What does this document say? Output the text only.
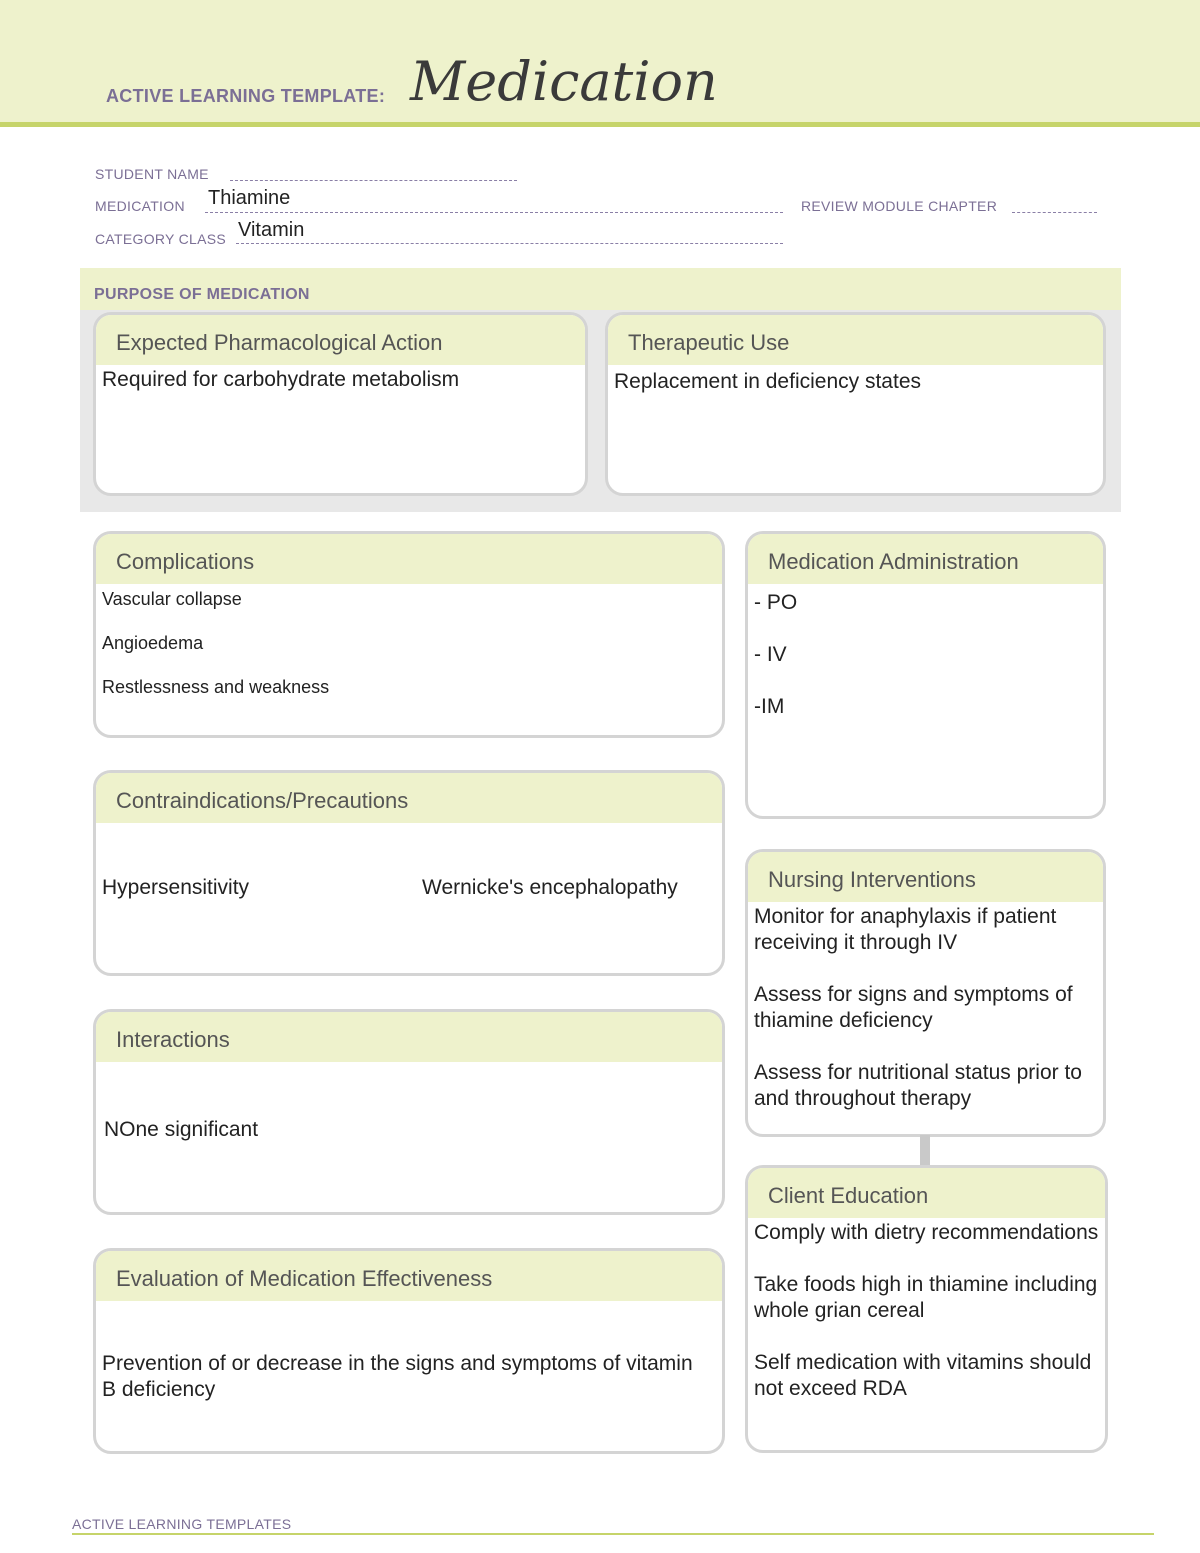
ACTIVE LEARNING TEMPLATE: Medication
STUDENT NAME
MEDICATION Thiamine	REVIEW MODULE CHAPTER
CATEGORY CLASS Vitamin
PURPOSE OF MEDICATION
Expected Pharmacological Action
Required for carbohydrate metabolism
Therapeutic Use
Replacement in deficiency states
Complications
Vascular collapse
Angioedema
Restlessness and weakness
Medication Administration
- PO
- IV
-IM
Contraindications/Precautions
Hypersensitivity	Wernicke's encephalopathy	Nursing Interventions
Monitor for anaphylaxis if patient receiving it through IV
Assess for signs and symptoms of thiamine deficiency
Assess for nutritional status prior to and throughout therapy
Interactions
NOne significant
Client Education
Comply with dietry recommendations
Take foods high in thiamine including whole grian cereal
Self medication with vitamins should not exceed RDA
Evaluation of Medication Effectiveness
Prevention of or decrease in the signs and symptoms of vitamin B deficiency
ACTIVE LEARNING TEMPLATES
